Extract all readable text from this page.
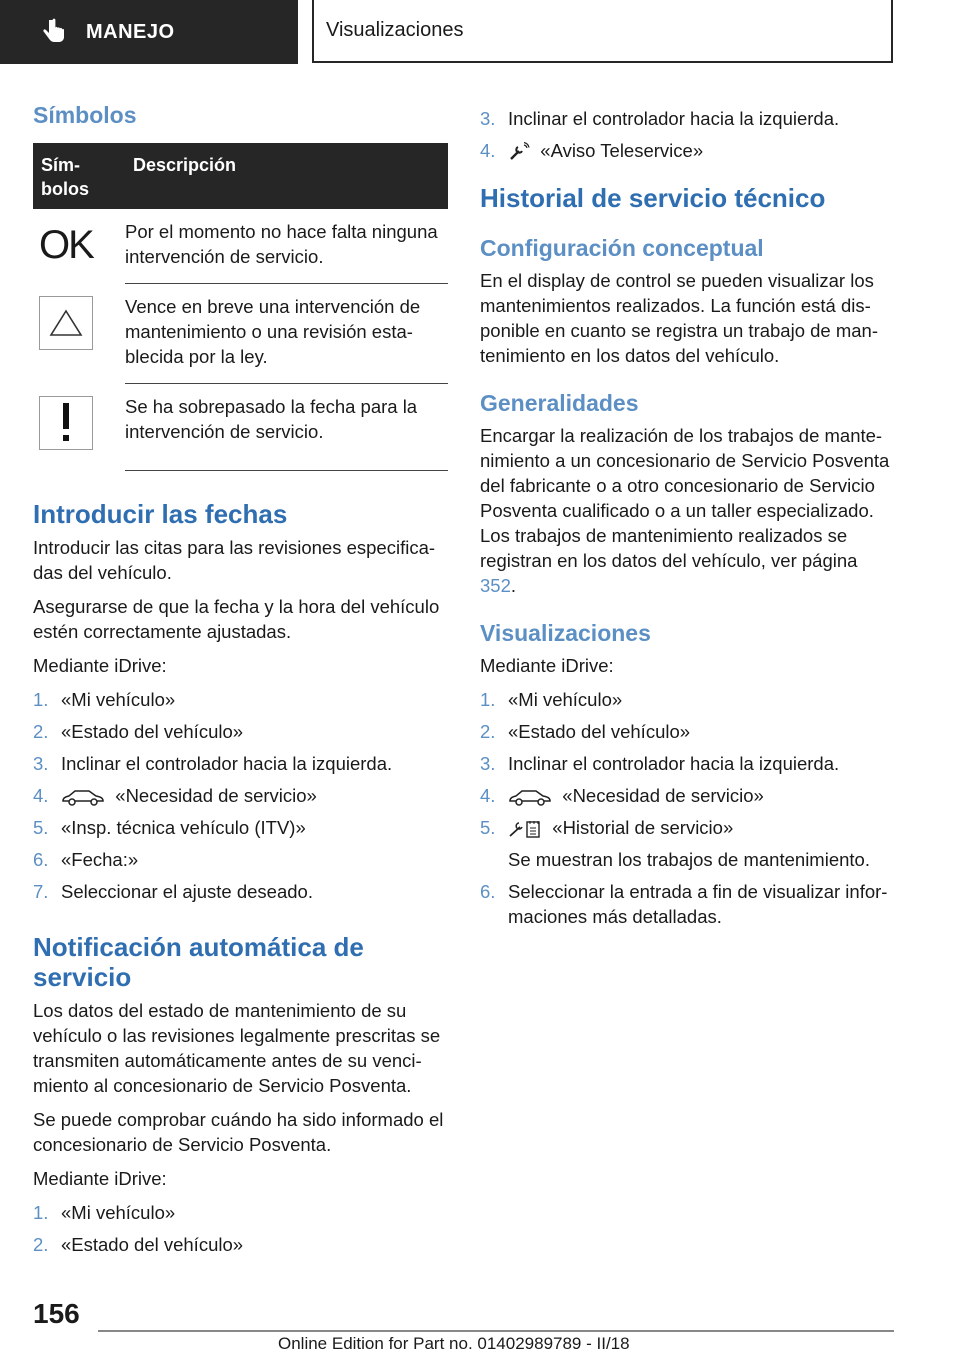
MANEJO	Visualizaciones
Símbolos
Sím-
bolos	Descripción

OK	Por el momento no hace falta ninguna intervención de servicio.

	Vence en breve una intervención de mantenimiento o una revisión establecida por la ley.

	Se ha sobrepasado la fecha para la intervención de servicio.
Introducir las fechas

Introducir las citas para las revisiones especificadas del vehículo.

Asegurarse de que la fecha y la hora del vehículo estén correctamente ajustadas.

Mediante iDrive:

1. «Mi vehículo»
2. «Estado del vehículo»
3. Inclinar el controlador hacia la izquierda.
4.	«Necesidad de servicio»
5. «Insp. técnica vehículo (ITV)»
6. «Fecha:»
7. Seleccionar el ajuste deseado.
Notificación automática de servicio

Los datos del estado de mantenimiento de su vehículo o las revisiones legalmente prescritas se transmiten automáticamente antes de su vencimiento al concesionario de Servicio Posventa.

Se puede comprobar cuándo ha sido informado el concesionario de Servicio Posventa.

Mediante iDrive:

1. «Mi vehículo»
2. «Estado del vehículo»
3. Inclinar el controlador hacia la izquierda.
4. «Aviso Teleservice»
Historial de servicio técnico
Configuración conceptual

En el display de control se pueden visualizar los mantenimientos realizados. La función está disponible en cuanto se registra un trabajo de mantenimiento en los datos del vehículo.

Generalidades

Encargar la realización de los trabajos de mantenimiento a un concesionario de Servicio Posventa del fabricante o a otro concesionario de Servicio Posventa cualificado o a un taller especializado. Los trabajos de mantenimiento realizados se registran en los datos del vehículo, ver página 352.

Visualizaciones

Mediante iDrive:

1. «Mi vehículo»
2. «Estado del vehículo»
3. Inclinar el controlador hacia la izquierda.
4.	«Necesidad de servicio»
5.	«Historial de servicio»
Se muestran los trabajos de mantenimiento.
6. Seleccionar la entrada a fin de visualizar informaciones más detalladas.
156
Online Edition for Part no. 01402989789 - II/18
